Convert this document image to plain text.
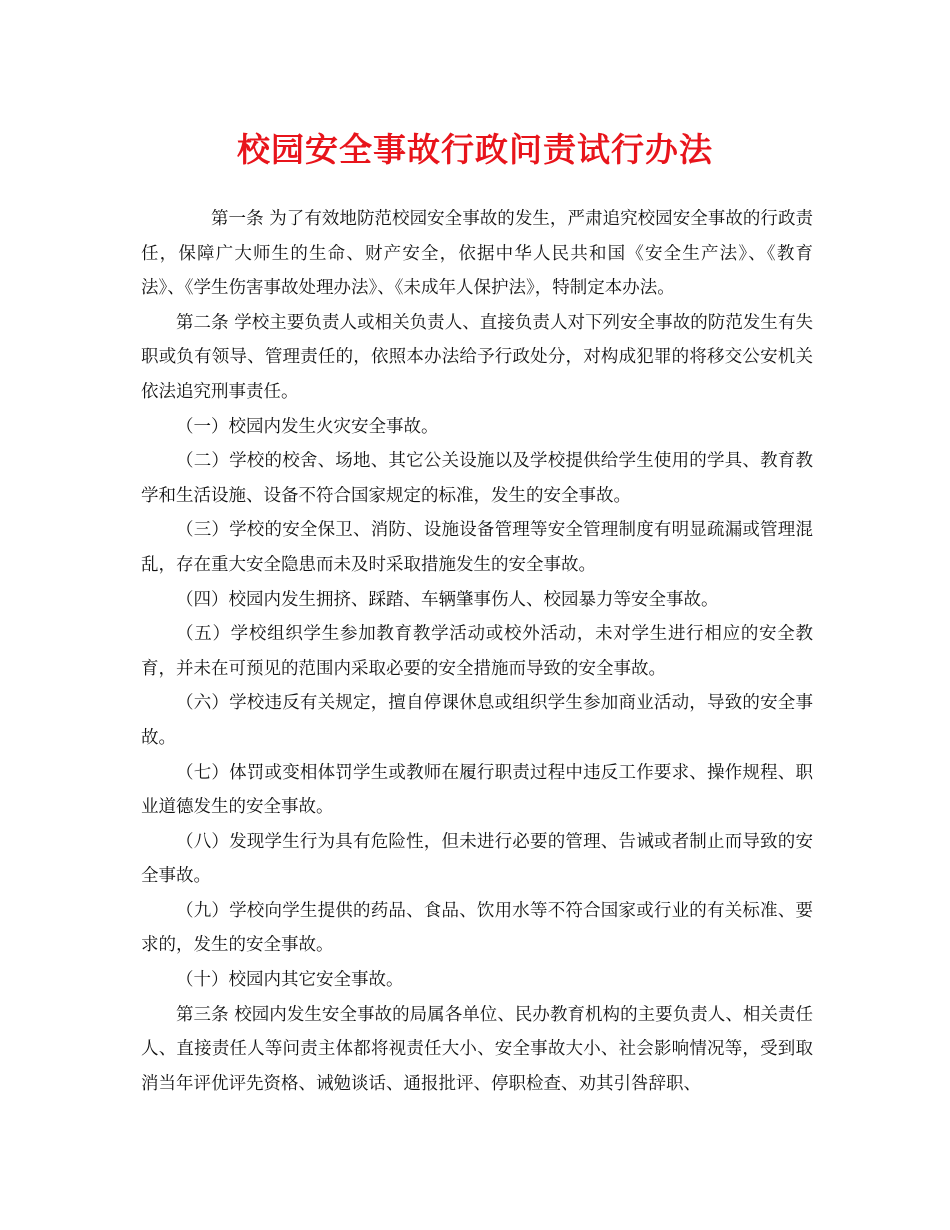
校园安全事故行政问责试行办法

第一条 为了有效地防范校园安全事故的发生，严肃追究校园安全事故的行政责任，保障广大师生的生命、财产安全，依据中华人民共和国《安全生产法》、《教育法》、《学生伤害事故处理办法》、《未成年人保护法》，特制定本办法。

第二条 学校主要负责人或相关负责人、直接负责人对下列安全事故的防范发生有失职或负有领导、管理责任的，依照本办法给予行政处分，对构成犯罪的将移交公安机关依法追究刑事责任。

（一）校园内发生火灾安全事故。

（二）学校的校舍、场地、其它公关设施以及学校提供给学生使用的学具、教育教学和生活设施、设备不符合国家规定的标准，发生的安全事故。

（三）学校的安全保卫、消防、设施设备管理等安全管理制度有明显疏漏或管理混乱，存在重大安全隐患而未及时采取措施发生的安全事故。

（四）校园内发生拥挤、踩踏、车辆肇事伤人、校园暴力等安全事故。

（五）学校组织学生参加教育教学活动或校外活动，未对学生进行相应的安全教育，并未在可预见的范围内采取必要的安全措施而导致的安全事故。

（六）学校违反有关规定，擅自停课休息或组织学生参加商业活动，导致的安全事故。

（七）体罚或变相体罚学生或教师在履行职责过程中违反工作要求、操作规程、职业道德发生的安全事故。

（八）发现学生行为具有危险性，但未进行必要的管理、告诫或者制止而导致的安全事故。

（九）学校向学生提供的药品、食品、饮用水等不符合国家或行业的有关标准、要求的，发生的安全事故。

（十）校园内其它安全事故。

第三条 校园内发生安全事故的局属各单位、民办教育机构的主要负责人、相关责任人、直接责任人等问责主体都将视责任大小、安全事故大小、社会影响情况等，受到取消当年评优评先资格、诫勉谈话、通报批评、停职检查、劝其引咎辞职、
